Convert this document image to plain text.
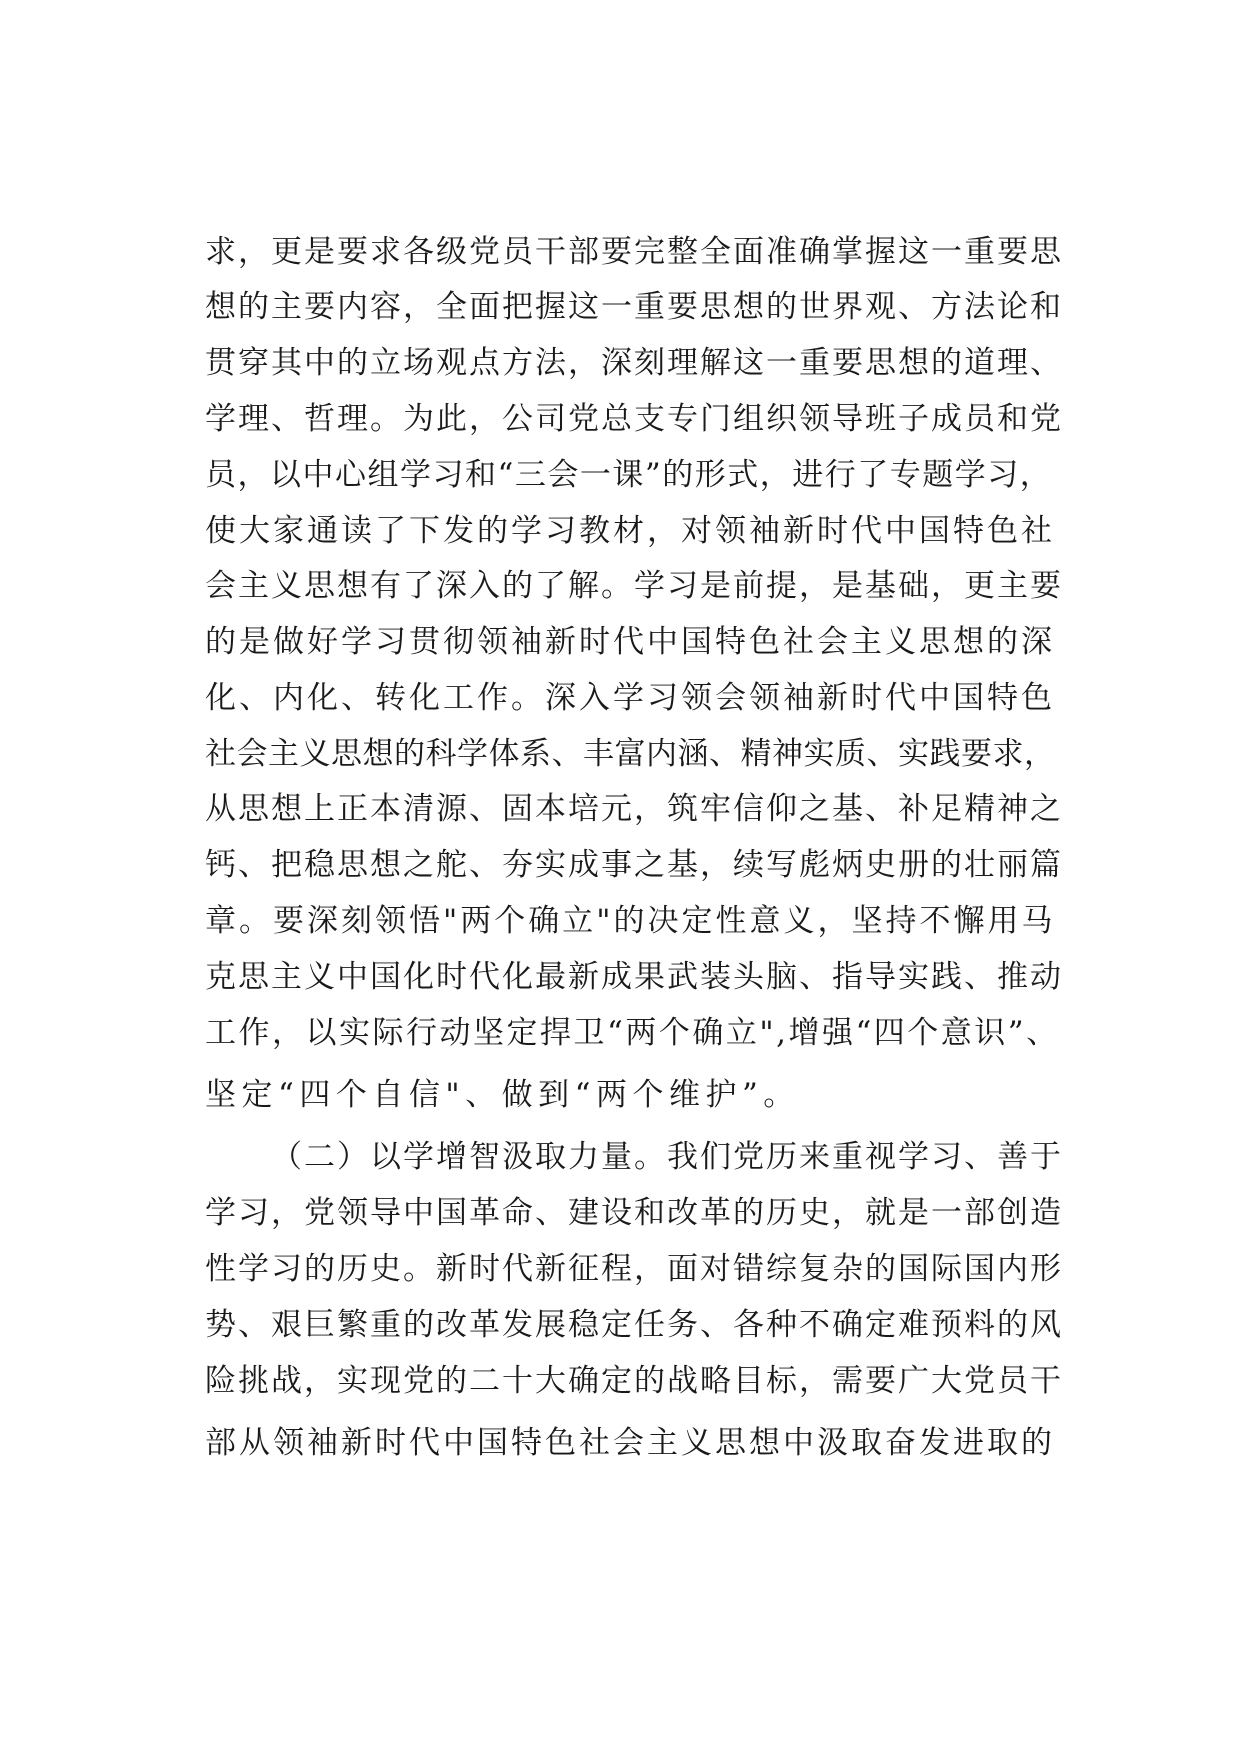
求，更是要求各级党员干部要完整全面准确掌握这一重要思
想的主要内容，全面把握这一重要思想的世界观、方法论和
贯穿其中的立场观点方法，深刻理解这一重要思想的道理、
学理、哲理。为此，公司党总支专门组织领导班子成员和党
员，以中心组学习和“三会一课”的形式，进行了专题学习，
使大家通读了下发的学习教材，对领袖新时代中国特色社
会主义思想有了深入的了解。学习是前提，是基础，更主要
的是做好学习贯彻领袖新时代中国特色社会主义思想的深
化、内化、转化工作。深入学习领会领袖新时代中国特色
社会主义思想的科学体系、丰富内涵、精神实质、实践要求，
从思想上正本清源、固本培元，筑牢信仰之基、补足精神之
钙、把稳思想之舵、夯实成事之基，续写彪炳史册的壮丽篇
章。要深刻领悟"两个确立"的决定性意义，坚持不懈用马
克思主义中国化时代化最新成果武装头脑、指导实践、推动
工作，以实际行动坚定捍卫“两个确立",增强“四个意识”、
坚定“四个自信"、做到“两个维护”。
（二）以学增智汲取力量。我们党历来重视学习、善于
学习，党领导中国革命、建设和改革的历史，就是一部创造
性学习的历史。新时代新征程，面对错综复杂的国际国内形
势、艰巨繁重的改革发展稳定任务、各种不确定难预料的风
险挑战，实现党的二十大确定的战略目标，需要广大党员干
部从领袖新时代中国特色社会主义思想中汲取奋发进取的
